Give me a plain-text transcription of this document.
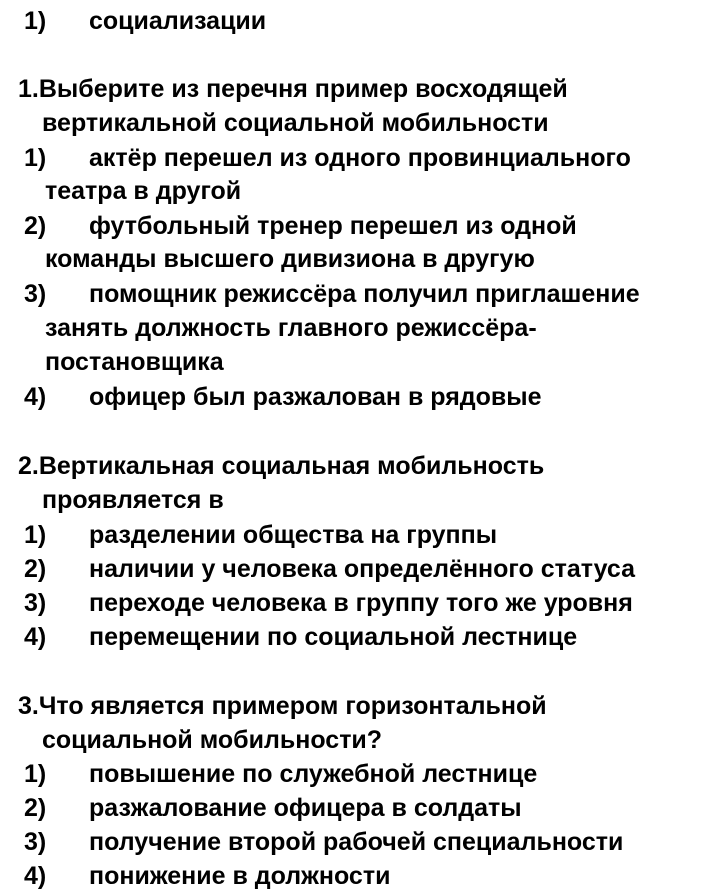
1) социализации
1.Выберите из перечня пример восходящей
вертикальной социальной мобильности
1) актёр перешел из одного провинциального
театра в другой
2) футбольный тренер перешел из одной
команды высшего дивизиона в другую
3) помощник режиссёра получил приглашение
занять должность главного режиссёра-
постановщика
4) офицер был разжалован в рядовые
2.Вертикальная социальная мобильность
проявляется в
1) разделении общества на группы
2) наличии у человека определённого статуса
3) переходе человека в группу того же уровня
4) перемещении по социальной лестнице
3.Что является примером горизонтальной
социальной мобильности?
1) повышение по служебной лестнице
2) разжалование офицера в солдаты
3) получение второй рабочей специальности
4) понижение в должности
